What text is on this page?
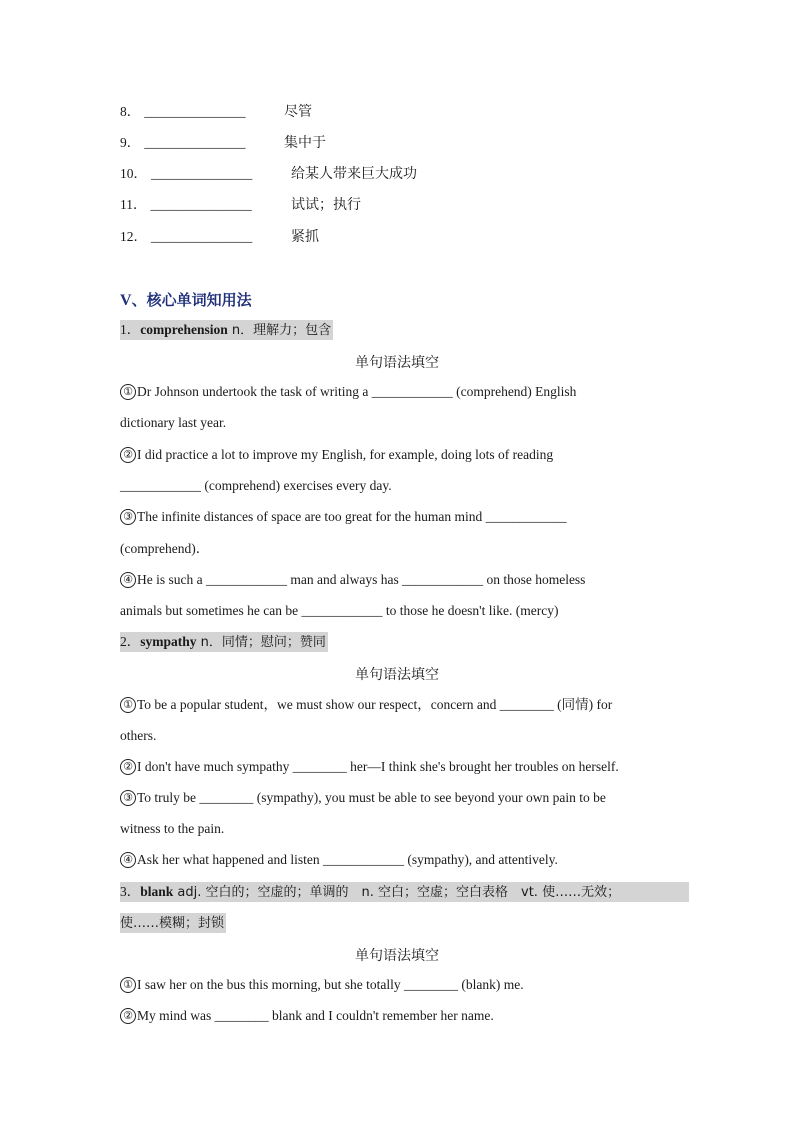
8． _______________	尽管
9． _______________	集中于
10． _______________	给某人带来巨大成功
11． _______________	试试；执行
12． _______________	紧抓
V、核心单词知用法
1．comprehension n．理解力；包含
单句语法填空
① Dr Johnson undertook the task of writing a ____________ (comprehend) English
dictionary last year.
② I did practice a lot to improve my English, for example, doing lots of reading
____________ (comprehend) exercises every day.
③ The infinite distances of space are too great for the human mind ____________
(comprehend)．
④ He is such a ____________ man and always has ____________ on those homeless
animals but sometimes he can be ____________ to those he doesn't like. (mercy)
2．sympathy n．同情；慰问；赞同
单句语法填空
① To be a popular student，we must show our respect，concern and ________ (同情) for
others.
② I don't have much sympathy ________ her—I think she's brought her troubles on herself.
③ To truly be ________ (sympathy), you must be able to see beyond your own pain to be
witness to the pain.
④ Ask her what happened and listen ____________ (sympathy), and attentively.
3．blank adj. 空白的；空虚的；单调的　n. 空白；空虚；空白表格　vt. 使……无效；
使……模糊；封锁
单句语法填空
① I saw her on the bus this morning, but she totally ________ (blank) me.
② My mind was ________ blank and I couldn't remember her name.
